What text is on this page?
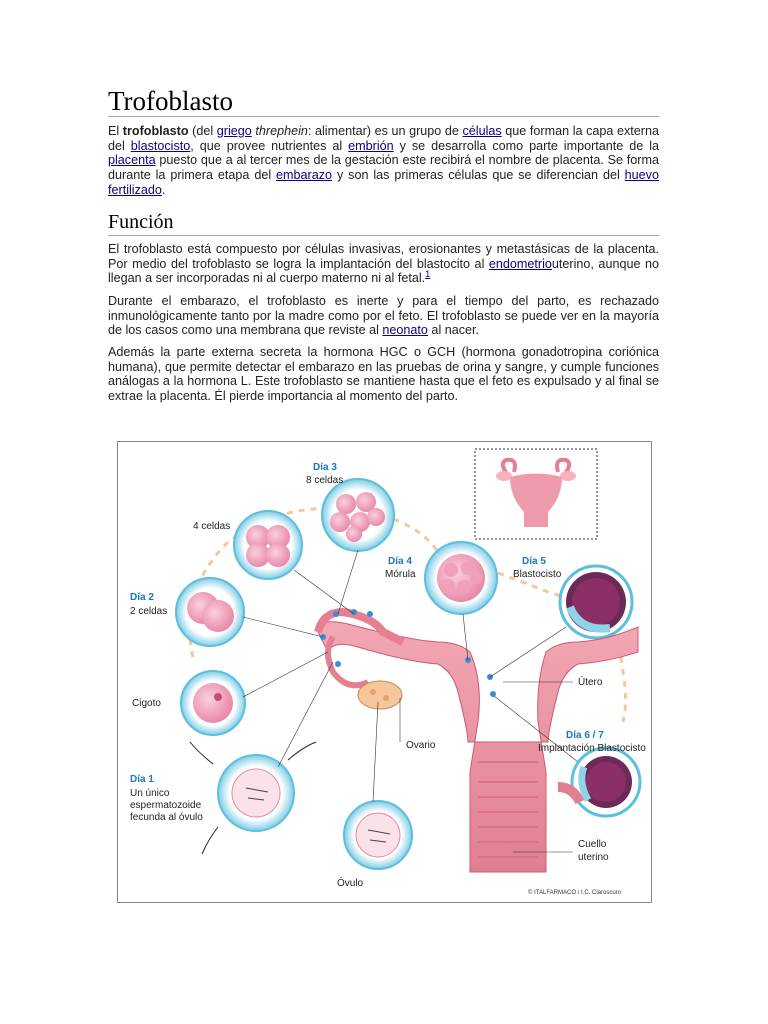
Trofoblasto

El trofoblasto (del griego threphein: alimentar) es un grupo de células que forman la capa externa del blastocisto, que provee nutrientes al embrión y se desarrolla como parte importante de la placenta puesto que a al tercer mes de la gestación este recibirá el nombre de placenta. Se forma durante la primera etapa del embarazo y son las primeras células que se diferencian del huevo fertilizado.

Función

El trofoblasto está compuesto por células invasivas, erosionantes y metastásicas de la placenta. Por medio del trofoblasto se logra la implantación del blastocito al endometriouterino, aunque no llegan a ser incorporadas ni al cuerpo materno ni al fetal.$^1$

Durante el embarazo, el trofoblasto es inerte y para el tiempo del parto, es rechazado inmunológicamente tanto por la madre como por el feto. El trofoblasto se puede ver en la mayoría de los casos como una membrana que reviste al neonato al nacer.

Además la parte externa secreta la hormona HGC o GCH (hormona gonadotropina coriónica humana), que permite detectar el embarazo en las pruebas de orina y sangre, y cumple funciones análogas a la hormona L. Este trofoblasto se mantiene hasta que el feto es expulsado y al final se extrae la placenta. Él pierde importancia al momento del parto.

Día 3
8 celdas
4 celdas
Día 4
Mórula
Día 5
Blastocisto
Día 2
2 celdas
Cigoto
Día 1
Un único
espermatozoide
fecunda al óvulo
Óvulo
Útero
Ovario
Día 6 / 7
Implantación Blastocisto
Cuello
uterino
© ITALFARMACO / I.C. Claroscuro
